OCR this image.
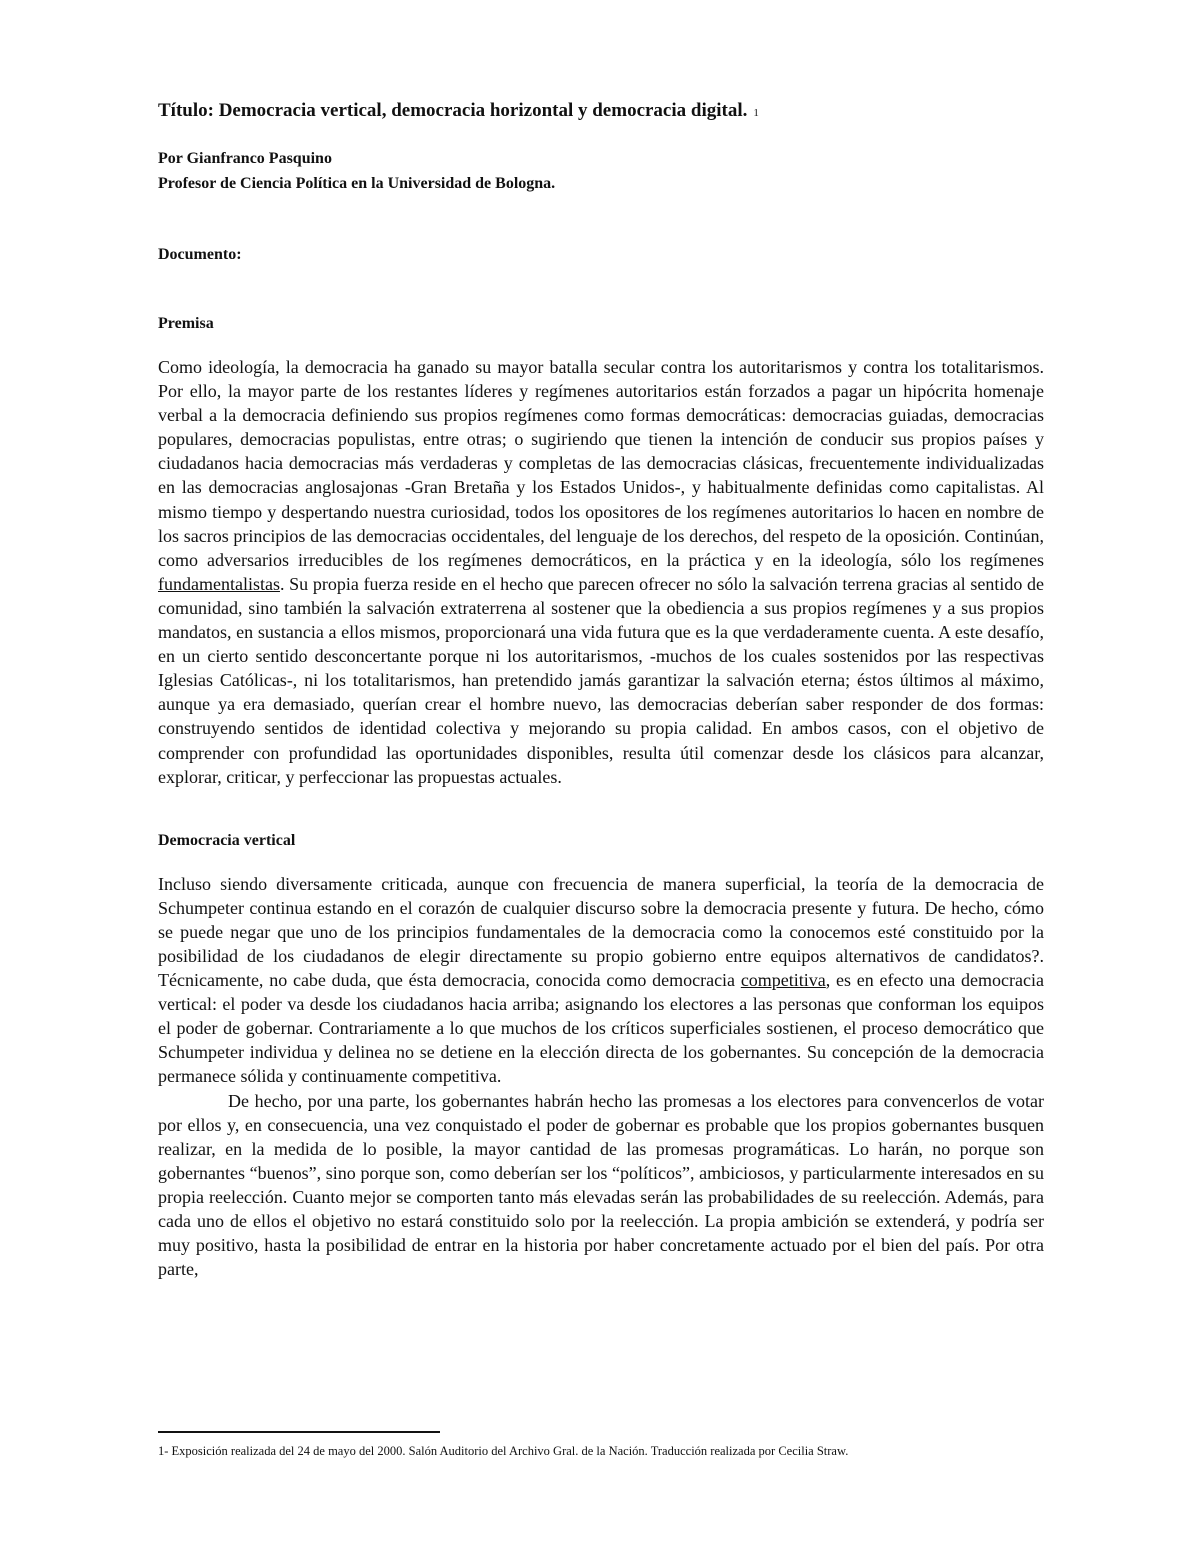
Título: Democracia vertical, democracia horizontal y democracia digital. 1
Por Gianfranco Pasquino
Profesor de Ciencia Política en la Universidad de Bologna.
Documento:
Premisa

Como ideología, la democracia ha ganado su mayor batalla secular contra los autoritarismos y contra los totalitarismos. Por ello, la mayor parte de los restantes líderes y regímenes autoritarios están forzados a pagar un hipócrita homenaje verbal a la democracia definiendo sus propios regímenes como formas democráticas: democracias guiadas, democracias populares, democracias populistas, entre otras; o sugiriendo que tienen la intención de conducir sus propios países y ciudadanos hacia democracias más verdaderas y completas de las democracias clásicas, frecuentemente individualizadas en las democracias anglosajonas -Gran Bretaña y los Estados Unidos-, y habitualmente definidas como capitalistas. Al mismo tiempo y despertando nuestra curiosidad, todos los opositores de los regímenes autoritarios lo hacen en nombre de los sacros principios de las democracias occidentales, del lenguaje de los derechos, del respeto de la oposición. Continúan, como adversarios irreducibles de los regímenes democráticos, en la práctica y en la ideología, sólo los regímenes fundamentalistas. Su propia fuerza reside en el hecho que parecen ofrecer no sólo la salvación terrena gracias al sentido de comunidad, sino también la salvación extraterrena al sostener que la obediencia a sus propios regímenes y a sus propios mandatos, en sustancia a ellos mismos, proporcionará una vida futura que es la que verdaderamente cuenta. A este desafío, en un cierto sentido desconcertante porque ni los autoritarismos, -muchos de los cuales sostenidos por las respectivas Iglesias Católicas-, ni los totalitarismos, han pretendido jamás garantizar la salvación eterna; éstos últimos al máximo, aunque ya era demasiado, querían crear el hombre nuevo, las democracias deberían saber responder de dos formas: construyendo sentidos de identidad colectiva y mejorando su propia calidad. En ambos casos, con el objetivo de comprender con profundidad las oportunidades disponibles, resulta útil comenzar desde los clásicos para alcanzar, explorar, criticar, y perfeccionar las propuestas actuales.

Democracia vertical

Incluso siendo diversamente criticada, aunque con frecuencia de manera superficial, la teoría de la democracia de Schumpeter continua estando en el corazón de cualquier discurso sobre la democracia presente y futura. De hecho, cómo se puede negar que uno de los principios fundamentales de la democracia como la conocemos esté constituido por la posibilidad de los ciudadanos de elegir directamente su propio gobierno entre equipos alternativos de candidatos?. Técnicamente, no cabe duda, que ésta democracia, conocida como democracia competitiva, es en efecto una democracia vertical: el poder va desde los ciudadanos hacia arriba; asignando los electores a las personas que conforman los equipos el poder de gobernar. Contrariamente a lo que muchos de los críticos superficiales sostienen, el proceso democrático que Schumpeter individua y delinea no se detiene en la elección directa de los gobernantes. Su concepción de la democracia permanece sólida y continuamente competitiva.

De hecho, por una parte, los gobernantes habrán hecho las promesas a los electores para convencerlos de votar por ellos y, en consecuencia, una vez conquistado el poder de gobernar es probable que los propios gobernantes busquen realizar, en la medida de lo posible, la mayor cantidad de las promesas programáticas. Lo harán, no porque son gobernantes “buenos”, sino porque son, como deberían ser los “políticos”, ambiciosos, y particularmente interesados en su propia reelección. Cuanto mejor se comporten tanto más elevadas serán las probabilidades de su reelección. Además, para cada uno de ellos el objetivo no estará constituido solo por la reelección. La propia ambición se extenderá, y podría ser muy positivo, hasta la posibilidad de entrar en la historia por haber concretamente actuado por el bien del país. Por otra parte,

1- Exposición realizada del 24 de mayo del 2000. Salón Auditorio del Archivo Gral. de la Nación. Traducción realizada por Cecilia Straw.
